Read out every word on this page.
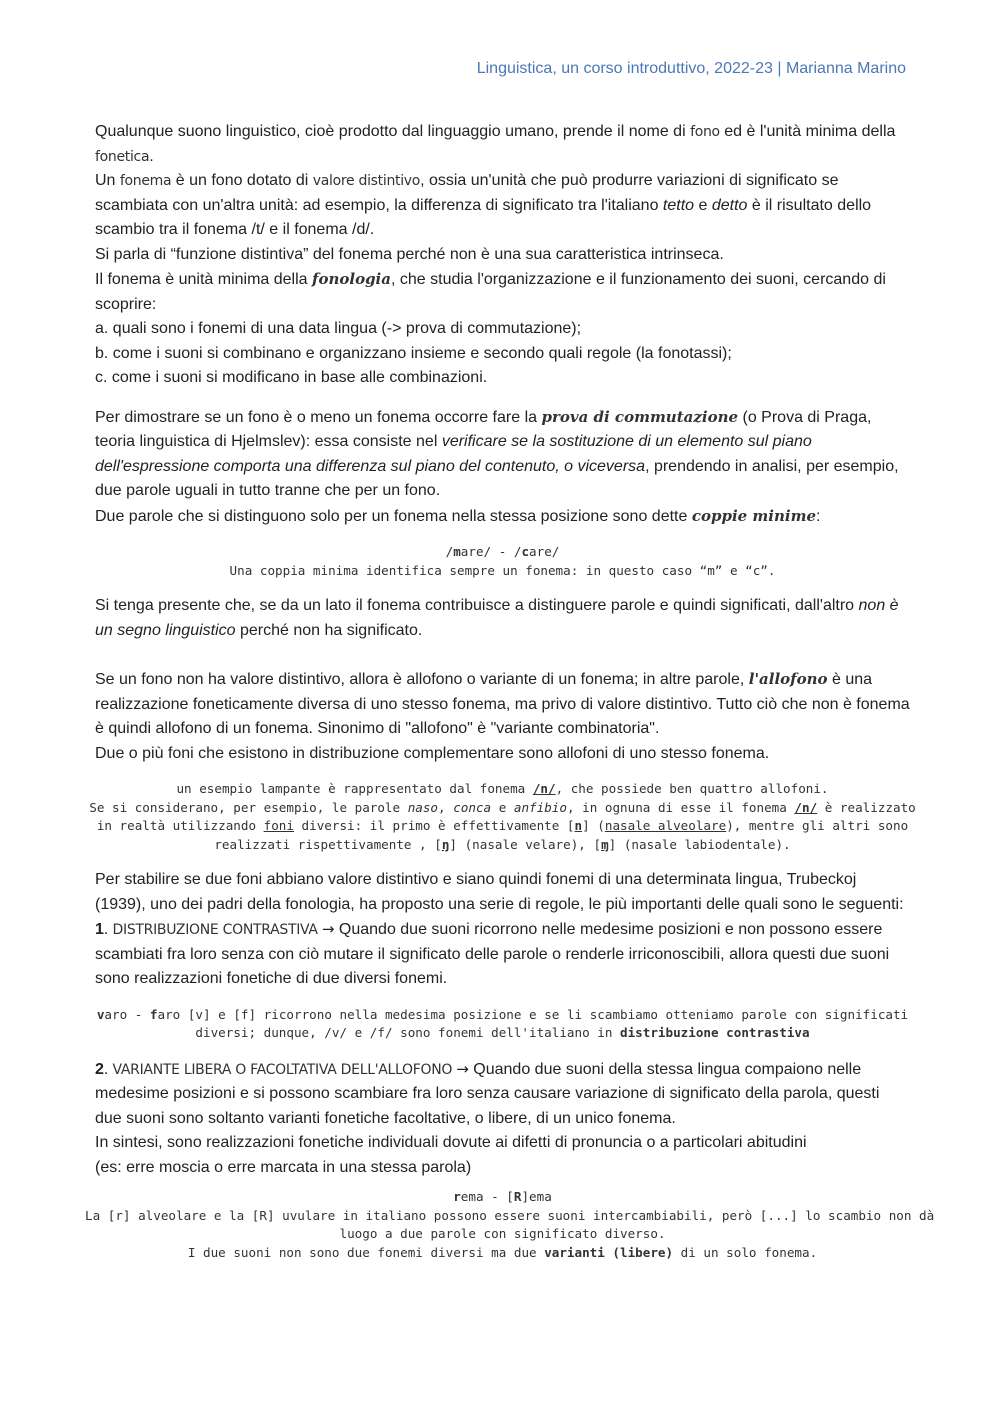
Linguistica, un corso introduttivo, 2022-23 | Marianna Marino

Qualunque suono linguistico, cioè prodotto dal linguaggio umano, prende il nome di fono ed è l'unità minima della fonetica.

Un fonema è un fono dotato di valore distintivo, ossia un'unità che può produrre variazioni di significato se scambiata con un'altra unità: ad esempio, la differenza di significato tra l'italiano tetto e detto è il risultato dello scambio tra il fonema /t/ e il fonema /d/.

Si parla di “funzione distintiva” del fonema perché non è una sua caratteristica intrinseca.

Il fonema è unità minima della fonologia, che studia l'organizzazione e il funzionamento dei suoni, cercando di scoprire:

a. quali sono i fonemi di una data lingua (-> prova di commutazione);

b. come i suoni si combinano e organizzano insieme e secondo quali regole (la fonotassi);

c. come i suoni si modificano in base alle combinazioni.

Per dimostrare se un fono è o meno un fonema occorre fare la prova di commutazione (o Prova di Praga, teoria linguistica di Hjelmslev): essa consiste nel verificare se la sostituzione di un elemento sul piano dell'espressione comporta una differenza sul piano del contenuto, o viceversa, prendendo in analisi, per esempio, due parole uguali in tutto tranne che per un fono.

Due parole che si distinguono solo per un fonema nella stessa posizione sono dette coppie minime:

/mare/ - /care/
Una coppia minima identifica sempre un fonema: in questo caso “m” e “c”.

Si tenga presente che, se da un lato il fonema contribuisce a distinguere parole e quindi significati, dall'altro non è un segno linguistico perché non ha significato.

Se un fono non ha valore distintivo, allora è allofono o variante di un fonema; in altre parole, l'allofono è una realizzazione foneticamente diversa di uno stesso fonema, ma privo di valore distintivo. Tutto ciò che non è fonema è quindi allofono di un fonema. Sinonimo di "allofono" è "variante combinatoria".

Due o più foni che esistono in distribuzione complementare sono allofoni di uno stesso fonema.

un esempio lampante è rappresentato dal fonema /n/, che possiede ben quattro allofoni.
Se si considerano, per esempio, le parole naso, conca e anfibio, in ognuna di esse il fonema /n/ è realizzato
in realtà utilizzando foni diversi: il primo è effettivamente [n] (nasale alveolare), mentre gli altri sono
realizzati rispettivamente , [ŋ] (nasale velare), [ɱ] (nasale labiodentale).

Per stabilire se due foni abbiano valore distintivo e siano quindi fonemi di una determinata lingua, Trubeckoj (1939), uno dei padri della fonologia, ha proposto una serie di regole, le più importanti delle quali sono le seguenti:

1. DISTRIBUZIONE CONTRASTIVA → Quando due suoni ricorrono nelle medesime posizioni e non possono essere scambiati fra loro senza con ciò mutare il significato delle parole o renderle irriconoscibili, allora questi due suoni sono realizzazioni fonetiche di due diversi fonemi.

varo - faro [v] e [f] ricorrono nella medesima posizione e se li scambiamo otteniamo parole con significati
diversi; dunque, /v/ e /f/ sono fonemi dell'italiano in distribuzione contrastiva

2. VARIANTE LIBERA O FACOLTATIVA DELL'ALLOFONO → Quando due suoni della stessa lingua compaiono nelle medesime posizioni e si possono scambiare fra loro senza causare variazione di significato della parola, questi due suoni sono soltanto varianti fonetiche facoltative, o libere, di un unico fonema.

In sintesi, sono realizzazioni fonetiche individuali dovute ai difetti di pronuncia o a particolari abitudini

(es: erre moscia o erre marcata in una stessa parola)

rema - [R]ema
La [r] alveolare e la [R] uvulare in italiano possono essere suoni intercambiabili, però [...] lo scambio non dà
luogo a due parole con significato diverso.
I due suoni non sono due fonemi diversi ma due varianti (libere) di un solo fonema.
